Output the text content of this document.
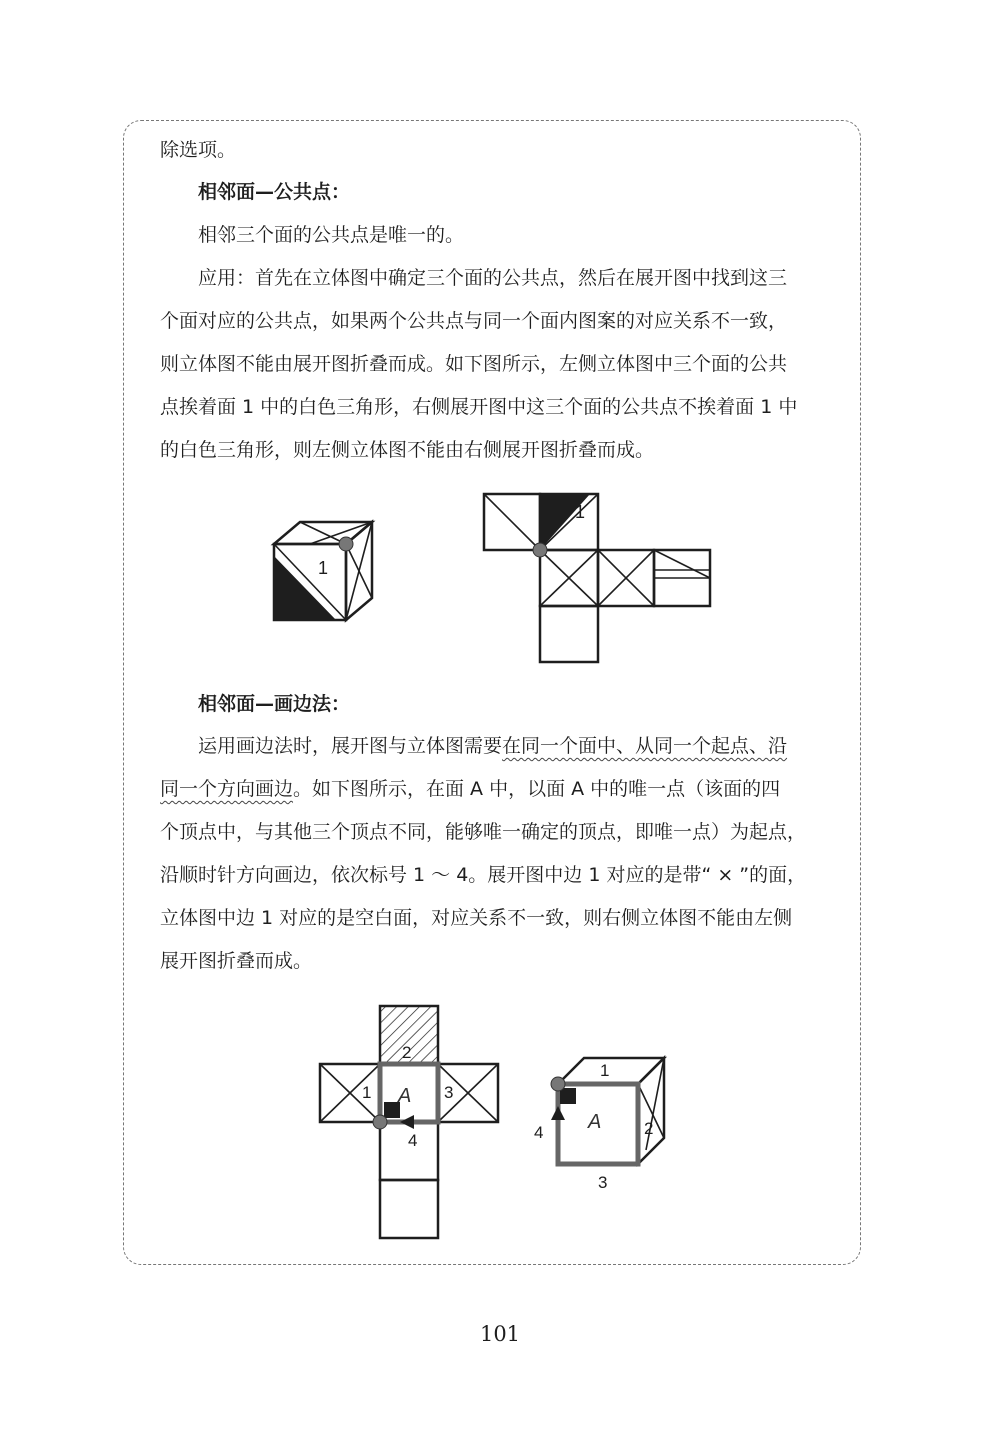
除选项。
相邻面—公共点：
相邻三个面的公共点是唯一的。
应用：首先在立体图中确定三个面的公共点，然后在展开图中找到这三
个面对应的公共点，如果两个公共点与同一个面内图案的对应关系不一致，
则立体图不能由展开图折叠而成。如下图所示，左侧立体图中三个面的公共
点挨着面 1 中的白色三角形，右侧展开图中这三个面的公共点不挨着面 1 中
的白色三角形，则左侧立体图不能由右侧展开图折叠而成。
1
1
相邻面—画边法：
运用画边法时，展开图与立体图需要在同一个面中、从同一个起点、沿
同一个方向画边。如下图所示，在面 A 中，以面 A 中的唯一点（该面的四
个顶点中，与其他三个顶点不同，能够唯一确定的顶点，即唯一点）为起点，
沿顺时针方向画边，依次标号 1 ～ 4。展开图中边 1 对应的是带“ × ”的面，
立体图中边 1 对应的是空白面，对应关系不一致，则右侧立体图不能由左侧
展开图折叠而成。
A
1
2
3
4
A
1
2
3
4
101
